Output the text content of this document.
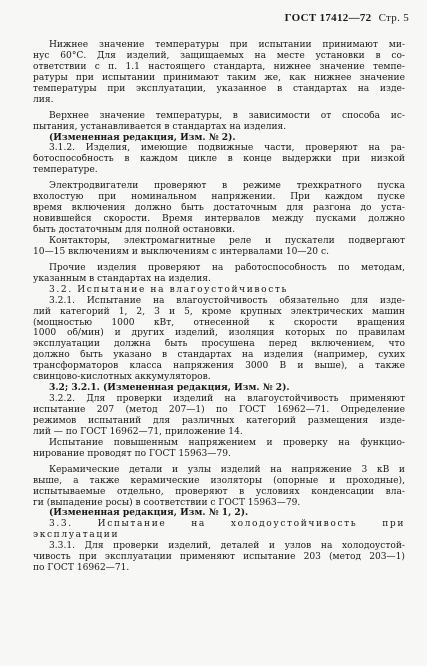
ГОСТ 17412—72 Стр. 5
Нижнее значение температуры при испытании принимают ми-
нус 60°С. Для изделий, защищаемых на месте установки в со-
ответствии с п. 1.1 настоящего стандарта, нижнее значение темпе-
ратуры при испытании принимают таким же, как нижнее значение
температуры при эксплуатации, указанное в стандартах на изде-
лия.
Верхнее значение температуры, в зависимости от способа ис-
пытания, устанавливается в стандартах на изделия.
(Измененная редакция, Изм. № 2).
3.1.2. Изделия, имеющие подвижные части, проверяют на ра-
ботоспособность в каждом цикле в конце выдержки при низкой
температуре.
Электродвигатели проверяют в режиме трехкратного пуска
вхолостую при номинальном напряжении. При каждом пуске
время включения должно быть достаточным для разгона до уста-
новившейся скорости. Время интервалов между пусками должно
быть достаточным для полной остановки.
Контакторы, электромагнитные реле и пускатели подвергают
10—15 включениям и выключениям с интервалами 10—20 с.
Прочие изделия проверяют на работоспособность по методам,
указанным в стандартах на изделия.
3.2. Испытание на влагоустойчивость
3.2.1. Испытание на влагоустойчивость обязательно для изде-
лий категорий 1, 2, 3 и 5, кроме крупных электрических машин
(мощностью 1000 кВт, отнесенной к скорости вращения
1000 об/мин) и других изделий, изоляция которых по правилам
эксплуатации должна быть просушена перед включением, что
должно быть указано в стандартах на изделия (например, сухих
трансформаторов класса напряжения 3000 В и выше), а также
свинцово-кислотных аккумуляторов.
3.2; 3.2.1. (Измененная редакция, Изм. № 2).
3.2.2. Для проверки изделий на влагоустойчивость применяют
испытание 207 (метод 207—1) по ГОСТ 16962—71. Определение
режимов испытаний для различных категорий размещения изде-
лий — по ГОСТ 16962—71, приложение 14.
Испытание повышенным напряжением и проверку на функцио-
нирование проводят по ГОСТ 15963—79.
Керамические детали и узлы изделий на напряжение 3 кВ и
выше, а также керамические изоляторы (опорные и проходные),
испытываемые отдельно, проверяют в условиях конденсации вла-
ги (выпадение росы) в соответствии с ГОСТ 15963—79.
(Измененная редакция, Изм. № 1, 2).
3.3. Испытание на холодоустойчивость при
эксплуатации
3.3.1. Для проверки изделий, деталей и узлов на холодоустой-
чивость при эксплуатации применяют испытание 203 (метод 203—1)
по ГОСТ 16962—71.
